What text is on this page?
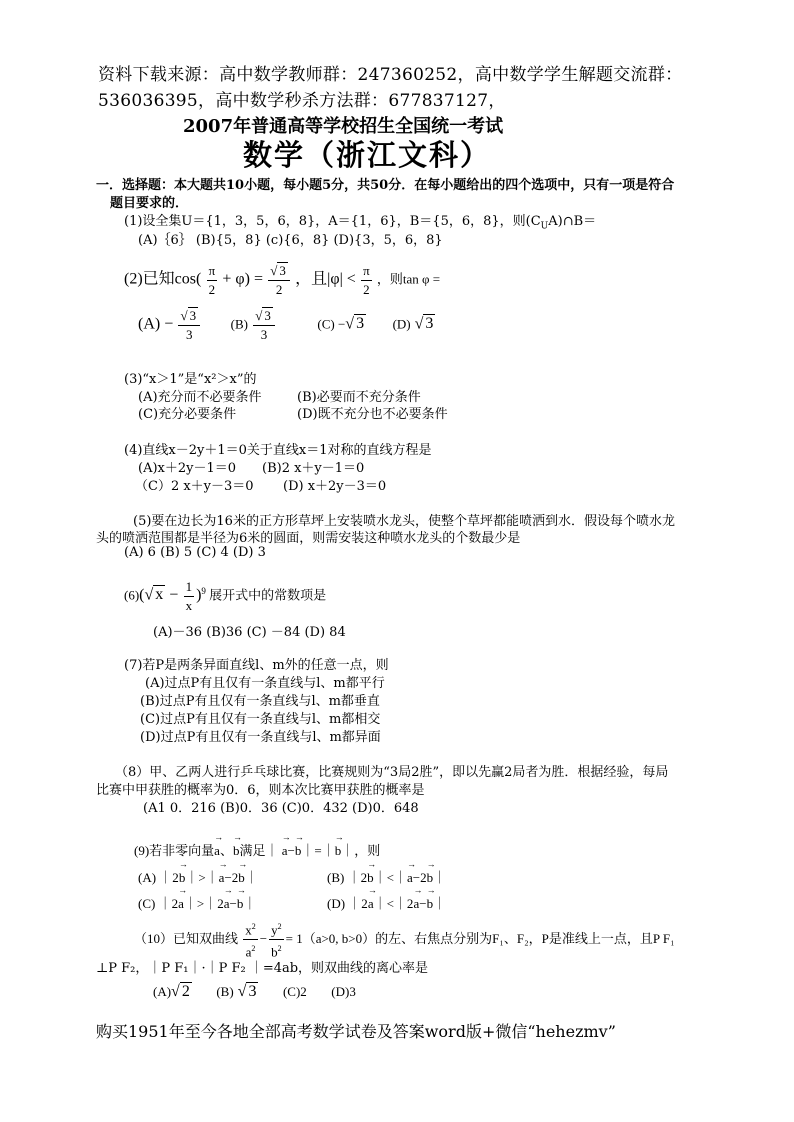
资料下载来源：高中数学教师群：247360252，高中数学学生解题交流群：
536036395，高中数学秒杀方法群：677837127，
2007年普通高等学校招生全国统一考试
数学（浙江文科）
一．选择题：本大题共10小题，每小题5分，共50分．在每小题给出的四个选项中，只有一项是符合
题目要求的．
(1)设全集U＝{1，3，5，6，8}，A＝{1，6}，B＝{5，6，8}，则$(C_UA)\cap B=$
(A)｛6｝ (B){5，8} (c){6，8} (D){3，5，6，8}
(2)已知$\cos( \frac{\pi}{2} + \varphi) = \frac{√ 3}{2}$ ，且$|\varphi| < \frac{\pi}{2}$ ，则tan φ =
$(A) - \frac{√ 3}{3} (B) \frac{√ 3}{3}$	(C) −√ 3 (D) √ 3
(3)“x＞1”是“x²＞x”的
(A)充分而不必要条件	(B)必要而不充分条件
(C)充分必要条件	(D)既不充分也不必要条件
(4)直线x－2y＋1＝0关于直线x＝1对称的直线方程是
(A)x＋2y－1＝0 (B)2 x＋y－1＝0
（C）2 x＋y－3＝0 (D) x＋2y－3＝0
(5)要在边长为16米的正方形草坪上安装喷水龙头，使整个草坪都能喷洒到水．假设每个喷水龙
头的喷洒范围都是半径为6米的圆面，则需安装这种喷水龙头的个数最少是
(A) 6 (B) 5 (C) 4 (D) 3
(6)(√ $x - \frac{1}{x} )^9$ 展开式中的常数项是
(A)－36 (B)36 (C) －84 (D) 84
(7)若P是两条异面直线l、m外的任意一点，则
(A)过点P有且仅有一条直线与l、m都平行
(B)过点P有且仅有一条直线与l、m都垂直
(C)过点P有且仅有一条直线与l、m都相交
(D)过点P有且仅有一条直线与l、m都异面
（8）甲、乙两人进行乒乓球比赛，比赛规则为“3局2胜”，即以先赢2局者为胜．根据经验，每局
比赛中甲获胜的概率为0．6，则本次比赛甲获胜的概率是
(A1 0．216 (B)0．36 (C)0．432 (D)0．648
(9)若非零向量→ a、→ b满足｜ → a−→ b｜=｜→ b｜，则
(A) ｜2→ b｜>｜→ a−2→ b｜	(B) ｜2→ b｜<｜→ a−2→ b｜
(C) ｜2→ a｜>｜2→ a−→ b｜	(D) ｜2→ a｜<｜2→ a−→ b｜
（10）已知双曲线 $\frac{x^2}{a^2} - \frac{y^2}{b^2} = 1(a>0$, b>0）的左、右焦点分别为F₁、F₂，P是准线上一点，且P F₁
⊥P F₂，｜P F₁｜·｜P F₂ ｜=4ab，则双曲线的离心率是
(A)√ 2 (B) √ 3 (C)2 (D)3
购买1951年至今各地全部高考数学试卷及答案word版+微信“hehezmv”
